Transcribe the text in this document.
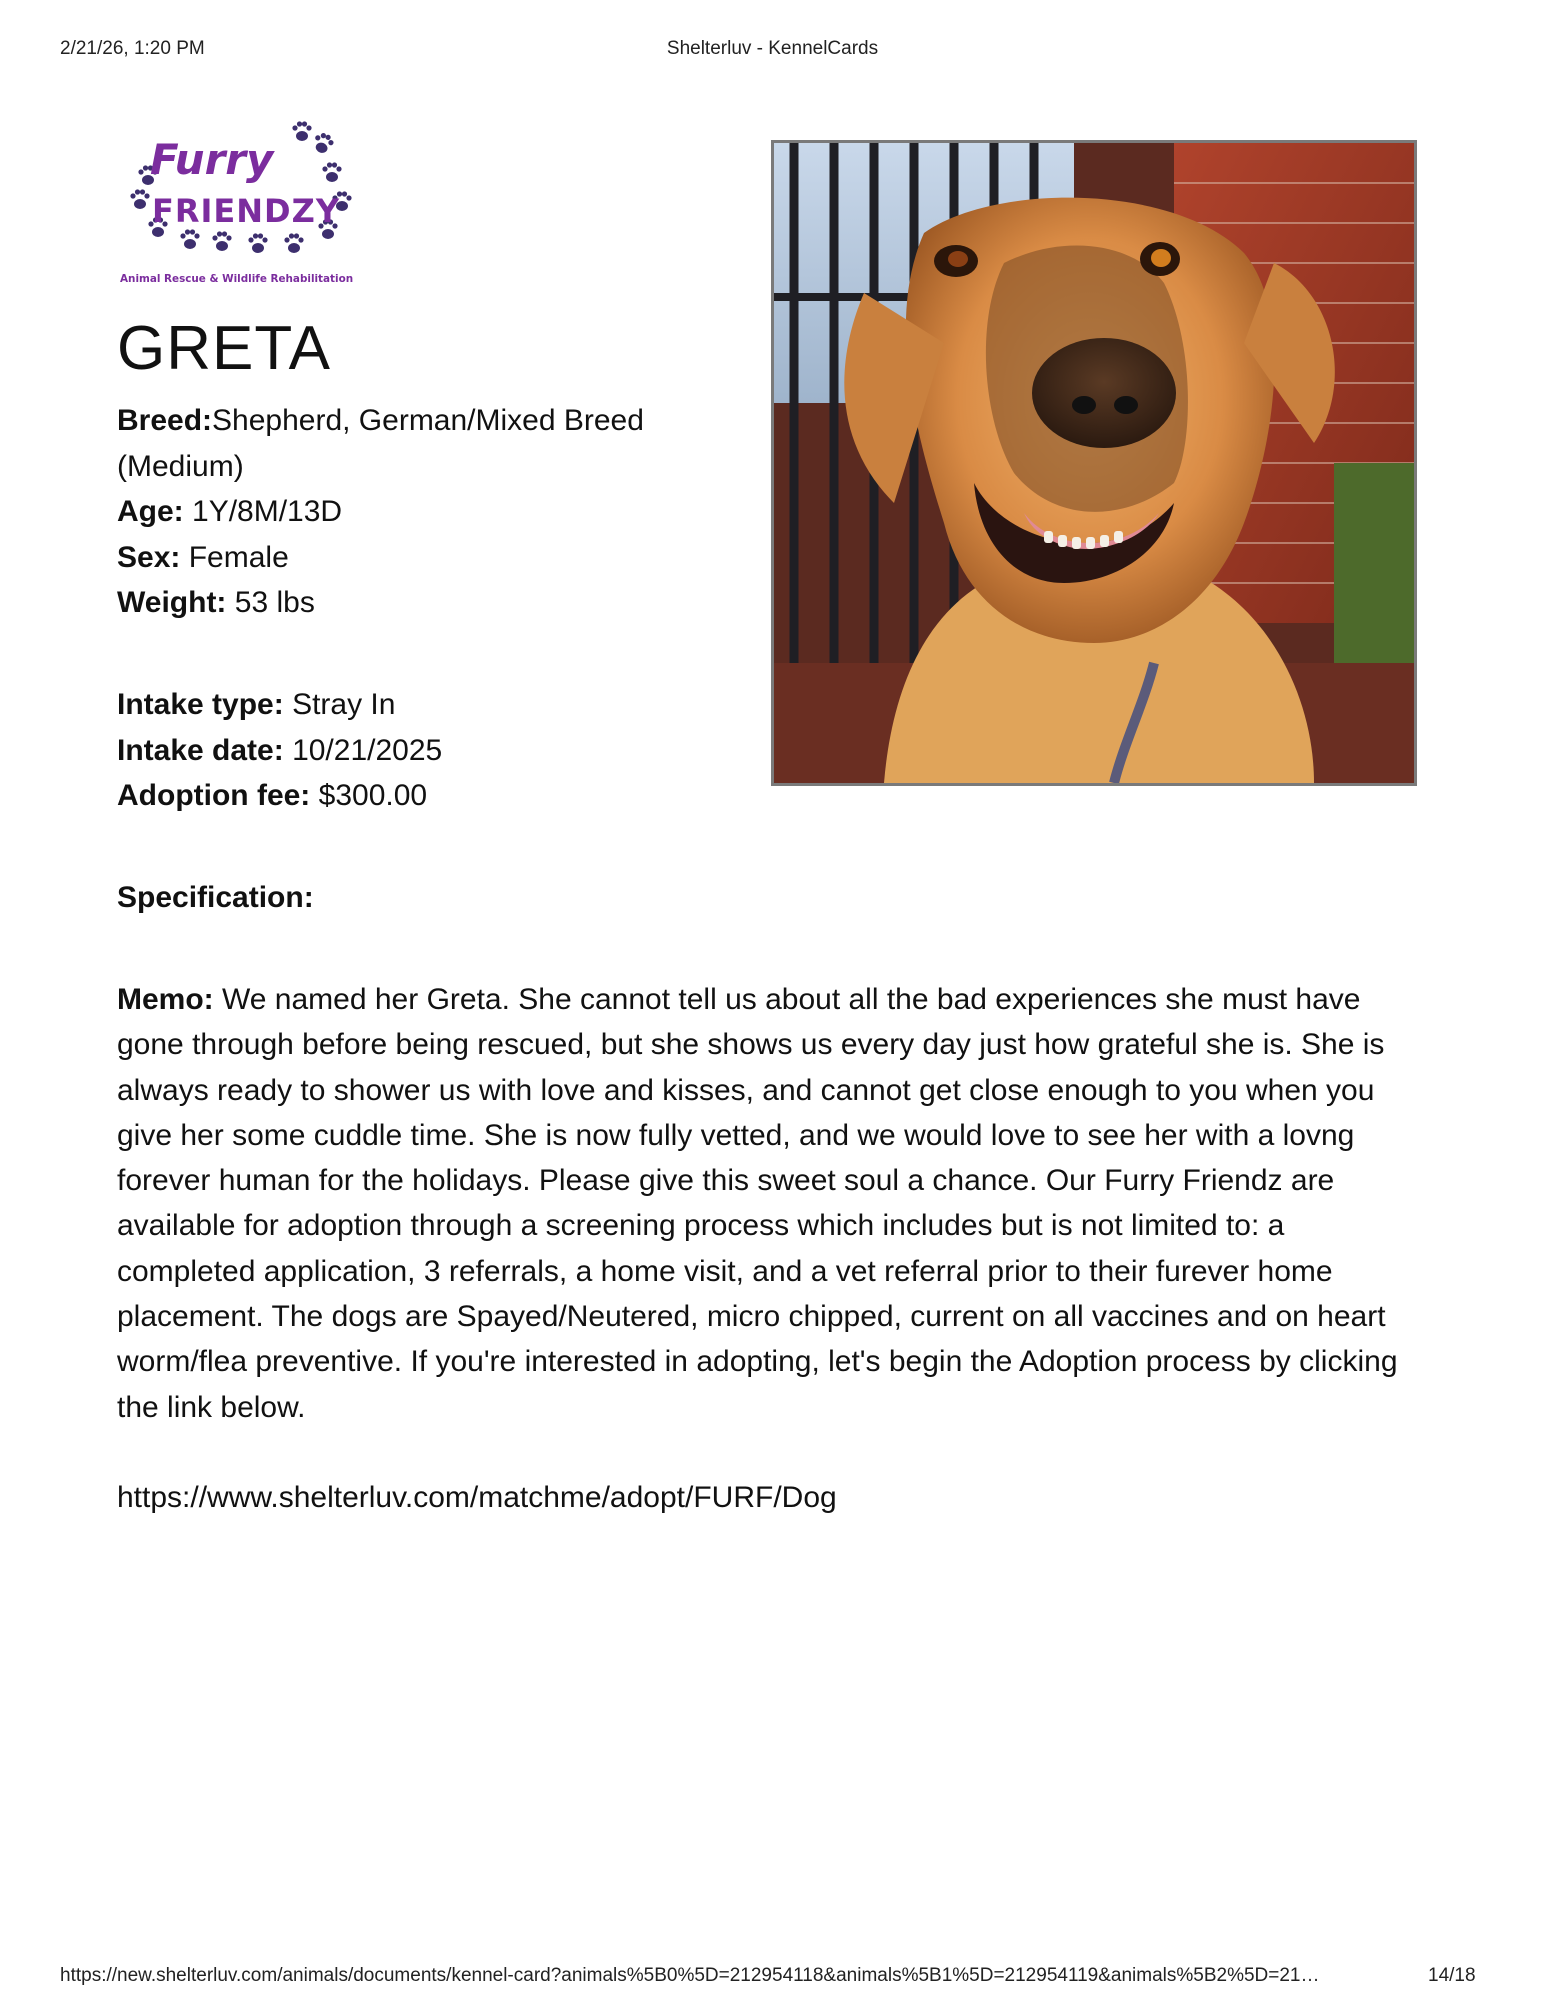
2/21/26, 1:20 PM	Shelterluv - KennelCards
Furry
FRIENDZY
Animal Rescue & Wildlife Rehabilitation
GRETA
Breed:Shepherd, German/Mixed Breed
(Medium)
Age: 1Y/8M/13D
Sex: Female
Weight: 53 lbs
Intake type: Stray In
Intake date: 10/21/2025
Adoption fee: $300.00
Specification:
Memo: We named her Greta. She cannot tell us about all the bad experiences she must have gone through before being rescued, but she shows us every day just how grateful she is. She is always ready to shower us with love and kisses, and cannot get close enough to you when you give her some cuddle time. She is now fully vetted, and we would love to see her with a lovng forever human for the holidays. Please give this sweet soul a chance. Our Furry Friendz are available for adoption through a screening process which includes but is not limited to: a completed application, 3 referrals, a home visit, and a vet referral prior to their furever home placement. The dogs are Spayed/Neutered, micro chipped, current on all vaccines and on heart worm/flea preventive. If you're interested in adopting, let's begin the Adoption process by clicking the link below.
https://www.shelterluv.com/matchme/adopt/FURF/Dog
https://new.shelterluv.com/animals/documents/kennel-card?animals%5B0%5D=212954118&animals%5B1%5D=212954119&animals%5B2%5D=21…	14/18
